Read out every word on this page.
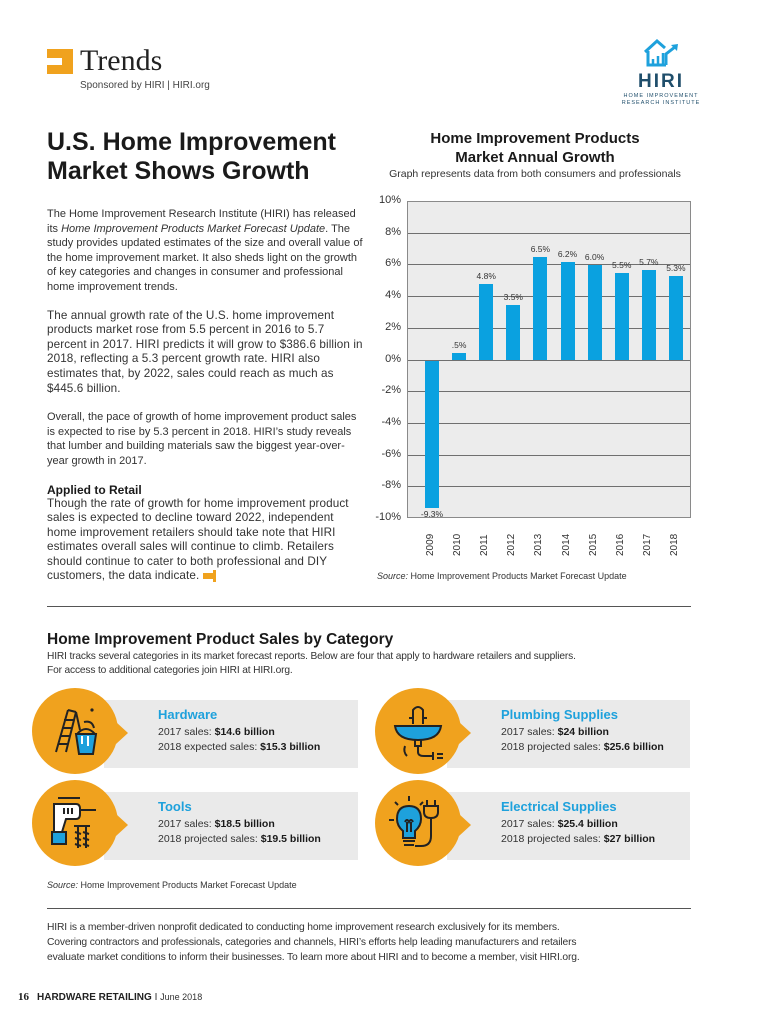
Trends
Sponsored by HIRI | HIRI.org	HIRI
HOME IMPROVEMENT
RESEARCH INSTITUTE
U.S. Home Improvement
Market Shows Growth

The Home Improvement Research Institute (HIRI) has released its Home Improvement Products Market Forecast Update. The study provides updated estimates of the size and overall value of the home improvement market. It also sheds light on the growth of key categories and changes in consumer and professional home improvement trends.

The annual growth rate of the U.S. home improvement products market rose from 5.5 percent in 2016 to 5.7 percent in 2017. HIRI predicts it will grow to $386.6 billion in 2018, reflecting a 5.3 percent growth rate. HIRI also estimates that, by 2022, sales could reach as much as $445.6 billion.

Overall, the pace of growth of home improvement product sales is expected to rise by 5.3 percent in 2018. HIRI’s study reveals that lumber and building materials saw the biggest year-over-year growth in 2017.

Applied to Retail

Though the rate of growth for home improvement product sales is expected to decline toward 2022, independent home improvement retailers should take note that HIRI estimates overall sales will continue to climb. Retailers should continue to cater to both professional and DIY customers, the data indicate.

Home Improvement Products
Market Annual Growth
Graph represents data from both consumers and professionals
10%
8%
6%
4%
2%
0%
-2%
-4%
-6%
-8%
-10%	-9.3%
.5%
4.8%
3.5%
6.5% 6.2% 6.0%
5.5% 5.7%
5.3%
2009 2010 2011 2012 2013 2014 2015 2016 2017 2018
Source: Home Improvement Products Market Forecast Update
Home Improvement Product Sales by Category
HIRI tracks several categories in its market forecast reports. Below are four that apply to hardware retailers and suppliers.
For access to additional categories join HIRI at HIRI.org.
Hardware
2017 sales: $14.6 billion
2018 expected sales: $15.3 billion
Plumbing Supplies
2017 sales: $24 billion
2018 projected sales: $25.6 billion
Tools
2017 sales: $18.5 billion
2018 projected sales: $19.5 billion
Electrical Supplies
2017 sales: $25.4 billion
2018 projected sales: $27 billion
Source: Home Improvement Products Market Forecast Update
HIRI is a member-driven nonprofit dedicated to conducting home improvement research exclusively for its members.
Covering contractors and professionals, categories and channels, HIRI’s efforts help leading manufacturers and retailers
evaluate market conditions to inform their businesses. To learn more about HIRI and to become a member, visit HIRI.org.
16 HARDWARE RETAILING I June 2018
